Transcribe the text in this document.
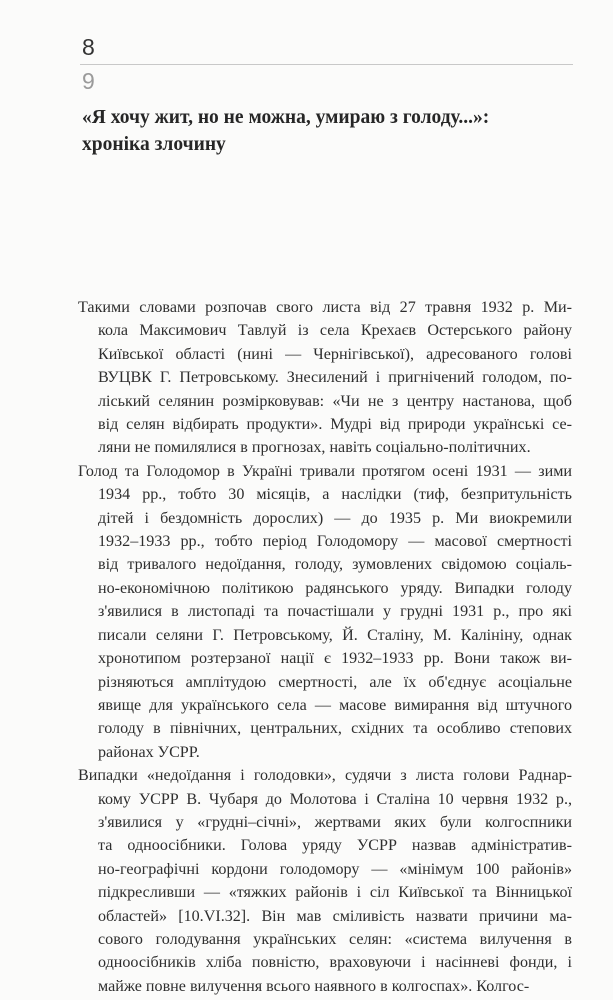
8
9
«Я хочу жит, но не можна, умираю з голоду...»:
хроніка злочину

Такими словами розпочав свого листа від 27 травня 1932 р. Ми-
кола Максимович Тавлуй із села Крехаєв Остерського району
Київської області (нині — Чернігівської), адресованого голові
ВУЦВК Г. Петровському. Знесилений і пригнічений голодом, по-
ліський селянин розмірковував: «Чи не з центру настанова, щоб
від селян відбирать продукти». Мудрі від природи українські се-
ляни не помилялися в прогнозах, навіть соціально-політичних.

Голод та Голодомор в Україні тривали протягом осені 1931 — зими
1934 рр., тобто 30 місяців, а наслідки (тиф, безпритульність
дітей і бездомність дорослих) — до 1935 р. Ми виокремили
1932–1933 рр., тобто період Голодомору — масової смертності
від тривалого недоїдання, голоду, зумовлених свідомою соціаль-
но-економічною політикою радянського уряду. Випадки голоду
з'явилися в листопаді та почастішали у грудні 1931 р., про які
писали селяни Г. Петровському, Й. Сталіну, М. Калініну, однак
хронотипом розтерзаної нації є 1932–1933 рр. Вони також ви-
різняються амплітудою смертності, але їх об'єднує асоціальне
явище для українського села — масове вимирання від штучного
голоду в північних, центральних, східних та особливо степових
районах УСРР.

Випадки «недоїдання і голодовки», судячи з листа голови Раднар-
кому УСРР В. Чубаря до Молотова і Сталіна 10 червня 1932 р.,
з'явилися у «грудні–січні», жертвами яких були колгоспники
та одноосібники. Голова уряду УСРР назвав адміністратив-
но-географічні кордони голодомору — «мінімум 100 районів»
підкресливши — «тяжких районів і сіл Київської та Вінницької
областей» [10.VI.32]. Він мав сміливість назвати причини ма-
сового голодування українських селян: «система вилучення в
одноосібників хліба повністю, враховуючи і насінневі фонди, і
майже повне вилучення всього наявного в колгоспах». Колгос-
